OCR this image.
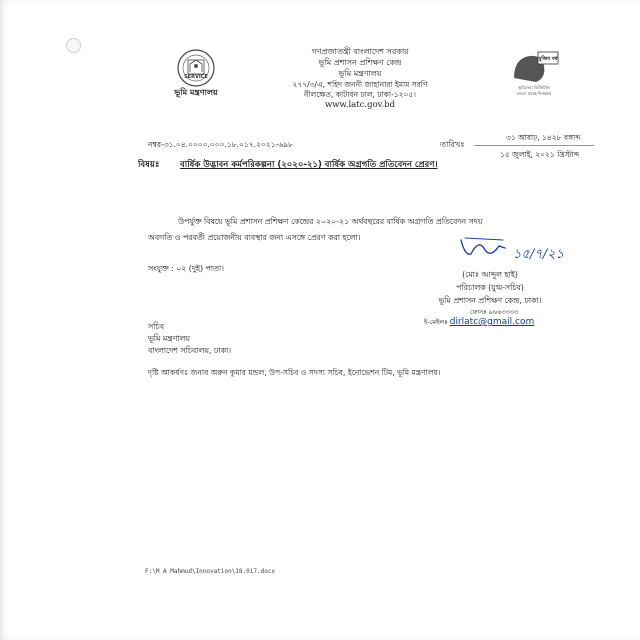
SERVICE
ভূমি মন্ত্রণালয়
মুজিব বর্ষ
ভূমিসেবা ডিজিটাল
বদলে যাচ্ছে দিনকাল
গণপ্রজাতন্ত্রী বাংলাদেশ সরকার
ভূমি প্রশাসন প্রশিক্ষণ কেন্দ্র
ভূমি মন্ত্রণালয়
২৭৭/৩/এ, শহিদ জননী জাহানারা ইমাম সরণি
নীলক্ষেত, কাটাবন ঢাল, ঢাকা-১২০৫।
www.latc.gov.bd
নম্বর-৩১.০৪.০০০০.০০০.১৮.০১৭.২০২১-৬৯৮	তারিখঃ
৩১ আষাঢ়, ১৪২৮ বঙ্গাব্দ
১৫ জুলাই, ২০২১ খ্রিস্টাব্দ
বিষয়ঃ বার্ষিক উদ্ভাবন কর্মপরিকল্পনা (২০২০-২১) বার্ষিক অগ্রগতি প্রতিবেদন প্রেরণ।
উপর্যুক্ত বিষয়ে ভূমি প্রশাসন প্রশিক্ষণ কেন্দ্রের ২০২০-২১ অর্থবছরের বার্ষিক অগ্রগতি প্রতিবেদন সদয়
অবগতি ও পরবর্তী প্রয়োজনীয় ব্যবস্থার জন্য এসঙ্গে প্রেরণ করা হলো।
সংযুক্ত : ০২ (দুই) পাতা।
১৫/৭/২১
(মোঃ আব্দুল হাই)
পরিচালক (যুগ্ম-সচিব)
ভূমি প্রশাসন প্রশিক্ষণ কেন্দ্র, ঢাকা।
ফোনঃ ৯৬৬৩৩৩৩
ই-মেইলঃ dirlatc@gmail.com
সচিব
ভূমি মন্ত্রণালয়
বাংলাদেশ সচিবালয়, ঢাকা।
দৃষ্টি আকর্ষণঃ জনাব অরুন কুমার মন্ডল, উপ-সচিব ও সদস্য সচিব, ইনোভেশন টিম, ভূমি মন্ত্রণালয়।
F:\M A Mahmud\Innovation\18.017.docx
